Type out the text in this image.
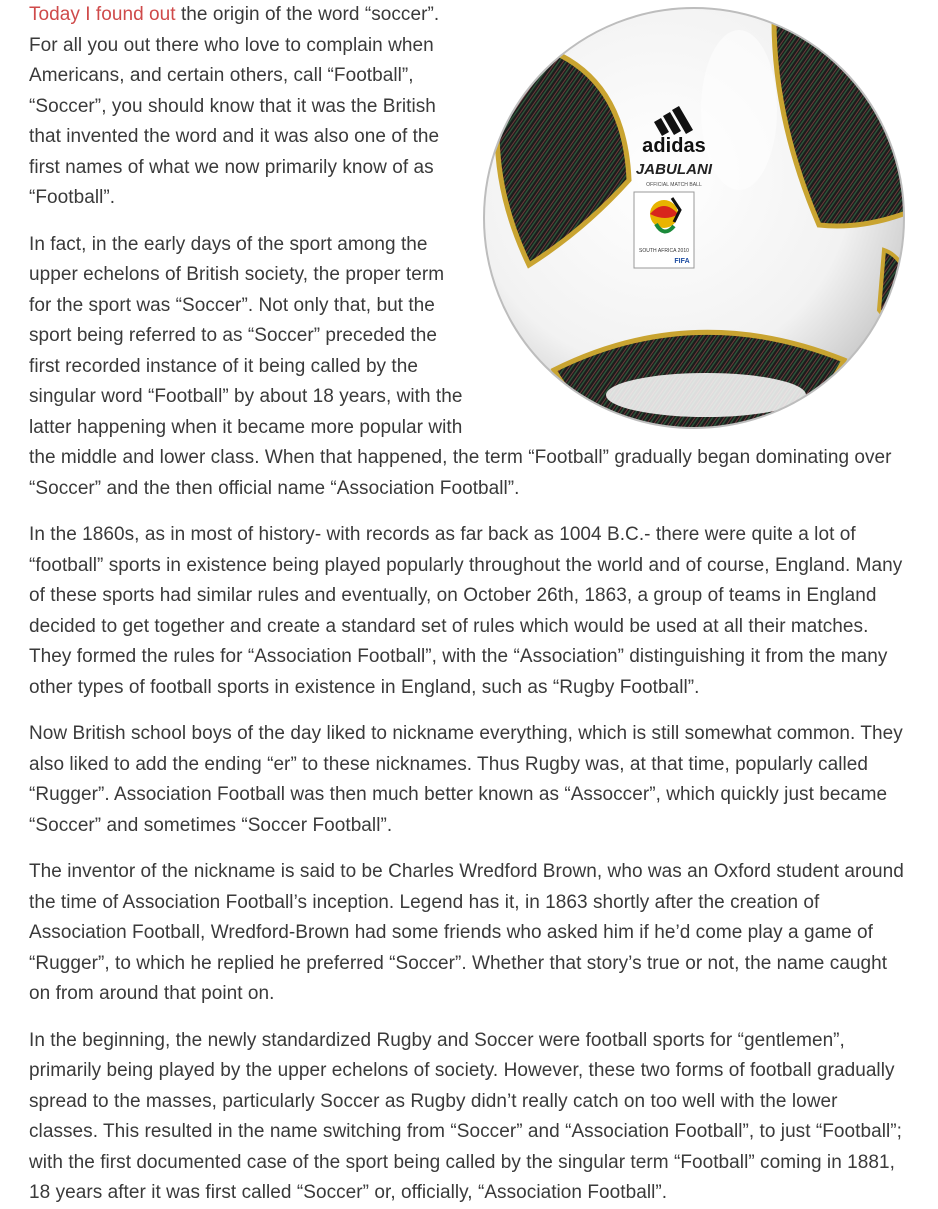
adidas
JABULANI
OFFICIAL MATCH BALL
SOUTH AFRICA 2010
FIFA

Today I found out the origin of the word “soccer”. For all you out there who love to complain when Americans, and certain others, call “Football”, “Soccer”, you should know that it was the British that invented the word and it was also one of the first names of what we now primarily know of as “Football”.

In fact, in the early days of the sport among the upper echelons of British society, the proper term for the sport was “Soccer”. Not only that, but the sport being referred to as “Soccer” preceded the first recorded instance of it being called by the singular word “Football” by about 18 years, with the latter happening when it became more popular with the middle and lower class. When that happened, the term “Football” gradually began dominating over “Soccer” and the then official name “Association Football”.

In the 1860s, as in most of history- with records as far back as 1004 B.C.- there were quite a lot of “football” sports in existence being played popularly throughout the world and of course, England. Many of these sports had similar rules and eventually, on October 26th, 1863, a group of teams in England decided to get together and create a standard set of rules which would be used at all their matches. They formed the rules for “Association Football”, with the “Association” distinguishing it from the many other types of football sports in existence in England, such as “Rugby Football”.

Now British school boys of the day liked to nickname everything, which is still somewhat common. They also liked to add the ending “er” to these nicknames. Thus Rugby was, at that time, popularly called “Rugger”. Association Football was then much better known as “Assoccer”, which quickly just became “Soccer” and sometimes “Soccer Football”.

The inventor of the nickname is said to be Charles Wredford Brown, who was an Oxford student around the time of Association Football’s inception. Legend has it, in 1863 shortly after the creation of Association Football, Wredford-Brown had some friends who asked him if he’d come play a game of “Rugger”, to which he replied he preferred “Soccer”. Whether that story’s true or not, the name caught on from around that point on.

In the beginning, the newly standardized Rugby and Soccer were football sports for “gentlemen”, primarily being played by the upper echelons of society. However, these two forms of football gradually spread to the masses, particularly Soccer as Rugby didn’t really catch on too well with the lower classes. This resulted in the name switching from “Soccer” and “Association Football”, to just “Football”; with the first documented case of the sport being called by the singular term “Football” coming in 1881, 18 years after it was first called “Soccer” or, officially, “Association Football”.
